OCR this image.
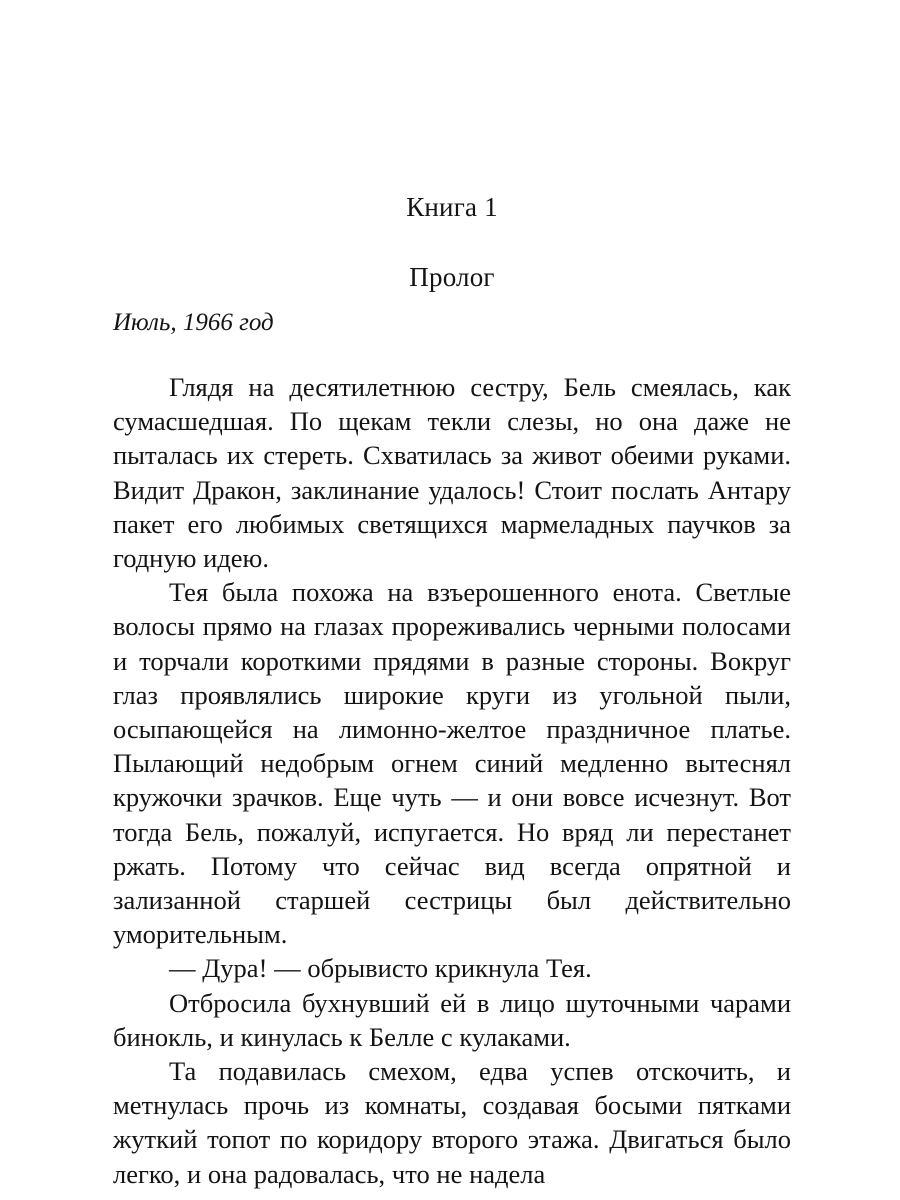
Книга 1
Пролог

Июль, 1966 год

Глядя на десятилетнюю сестру, Бель смеялась, как сумасшедшая. По щекам текли слезы, но она даже не пыталась их стереть. Схватилась за живот обеими руками. Видит Дракон, заклинание удалось! Стоит послать Антару пакет его любимых светящихся мармеладных паучков за годную идею.

Тея была похожа на взъерошенного енота. Светлые волосы прямо на глазах прореживались черными полосами и торчали короткими прядями в разные стороны. Вокруг глаз проявлялись широкие круги из угольной пыли, осыпающейся на лимонно-желтое праздничное платье. Пылающий недобрым огнем синий медленно вытеснял кружочки зрачков. Еще чуть — и они вовсе исчезнут. Вот тогда Бель, пожалуй, испугается. Но вряд ли перестанет ржать. Потому что сейчас вид всегда опрятной и зализанной старшей сестрицы был действительно уморительным.

— Дура! — обрывисто крикнула Тея.

Отбросила бухнувший ей в лицо шуточными чарами бинокль, и кинулась к Белле с кулаками.

Та подавилась смехом, едва успев отскочить, и метнулась прочь из комнаты, создавая босыми пятками жуткий топот по коридору второго этажа. Двигаться было легко, и она радовалась, что не надела
